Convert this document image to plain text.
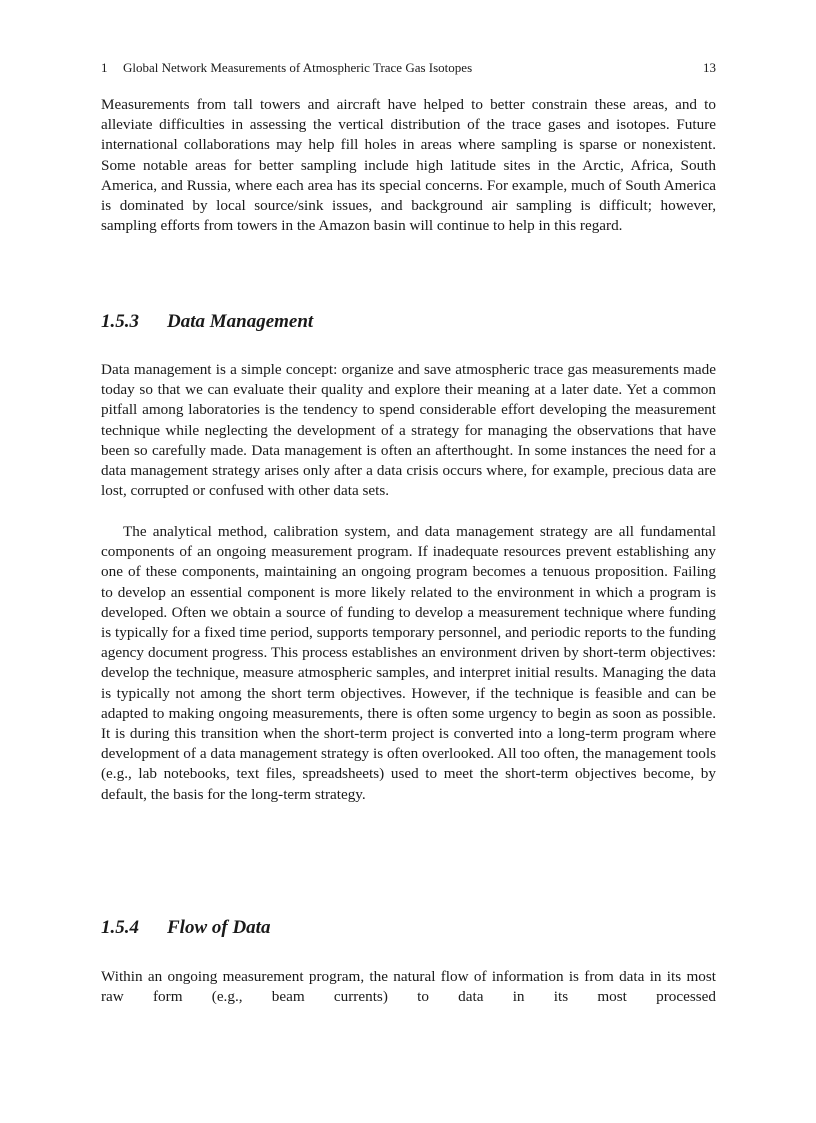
1 Global Network Measurements of Atmospheric Trace Gas Isotopes	13

Measurements from tall towers and aircraft have helped to better constrain these areas, and to alleviate difficulties in assessing the vertical distribution of the trace gases and isotopes. Future international collaborations may help fill holes in areas where sampling is sparse or nonexistent. Some notable areas for better sampling include high latitude sites in the Arctic, Africa, South America, and Russia, where each area has its special concerns. For example, much of South America is dominated by local source/sink issues, and background air sampling is difficult; however, sampling efforts from towers in the Amazon basin will continue to help in this regard.

1.5.3 Data Management

Data management is a simple concept: organize and save atmospheric trace gas measurements made today so that we can evaluate their quality and explore their meaning at a later date. Yet a common pitfall among laboratories is the tendency to spend considerable effort developing the measurement technique while neglecting the development of a strategy for managing the observations that have been so carefully made. Data management is often an afterthought. In some instances the need for a data management strategy arises only after a data crisis occurs where, for example, precious data are lost, corrupted or confused with other data sets.

The analytical method, calibration system, and data management strategy are all fundamental components of an ongoing measurement program. If inadequate resources prevent establishing any one of these components, maintaining an ongoing program becomes a tenuous proposition. Failing to develop an essential component is more likely related to the environment in which a program is developed. Often we obtain a source of funding to develop a measurement technique where funding is typically for a fixed time period, supports temporary personnel, and periodic reports to the funding agency document progress. This process establishes an environment driven by short-term objectives: develop the technique, measure atmospheric samples, and interpret initial results. Managing the data is typically not among the short term objectives. However, if the technique is feasible and can be adapted to making ongoing measurements, there is often some urgency to begin as soon as possible. It is during this transition when the short-term project is converted into a long-term program where development of a data management strategy is often overlooked. All too often, the management tools (e.g., lab notebooks, text files, spreadsheets) used to meet the short-term objectives become, by default, the basis for the long-term strategy.

1.5.4 Flow of Data

Within an ongoing measurement program, the natural flow of information is from data in its most raw form (e.g., beam currents) to data in its most processed
